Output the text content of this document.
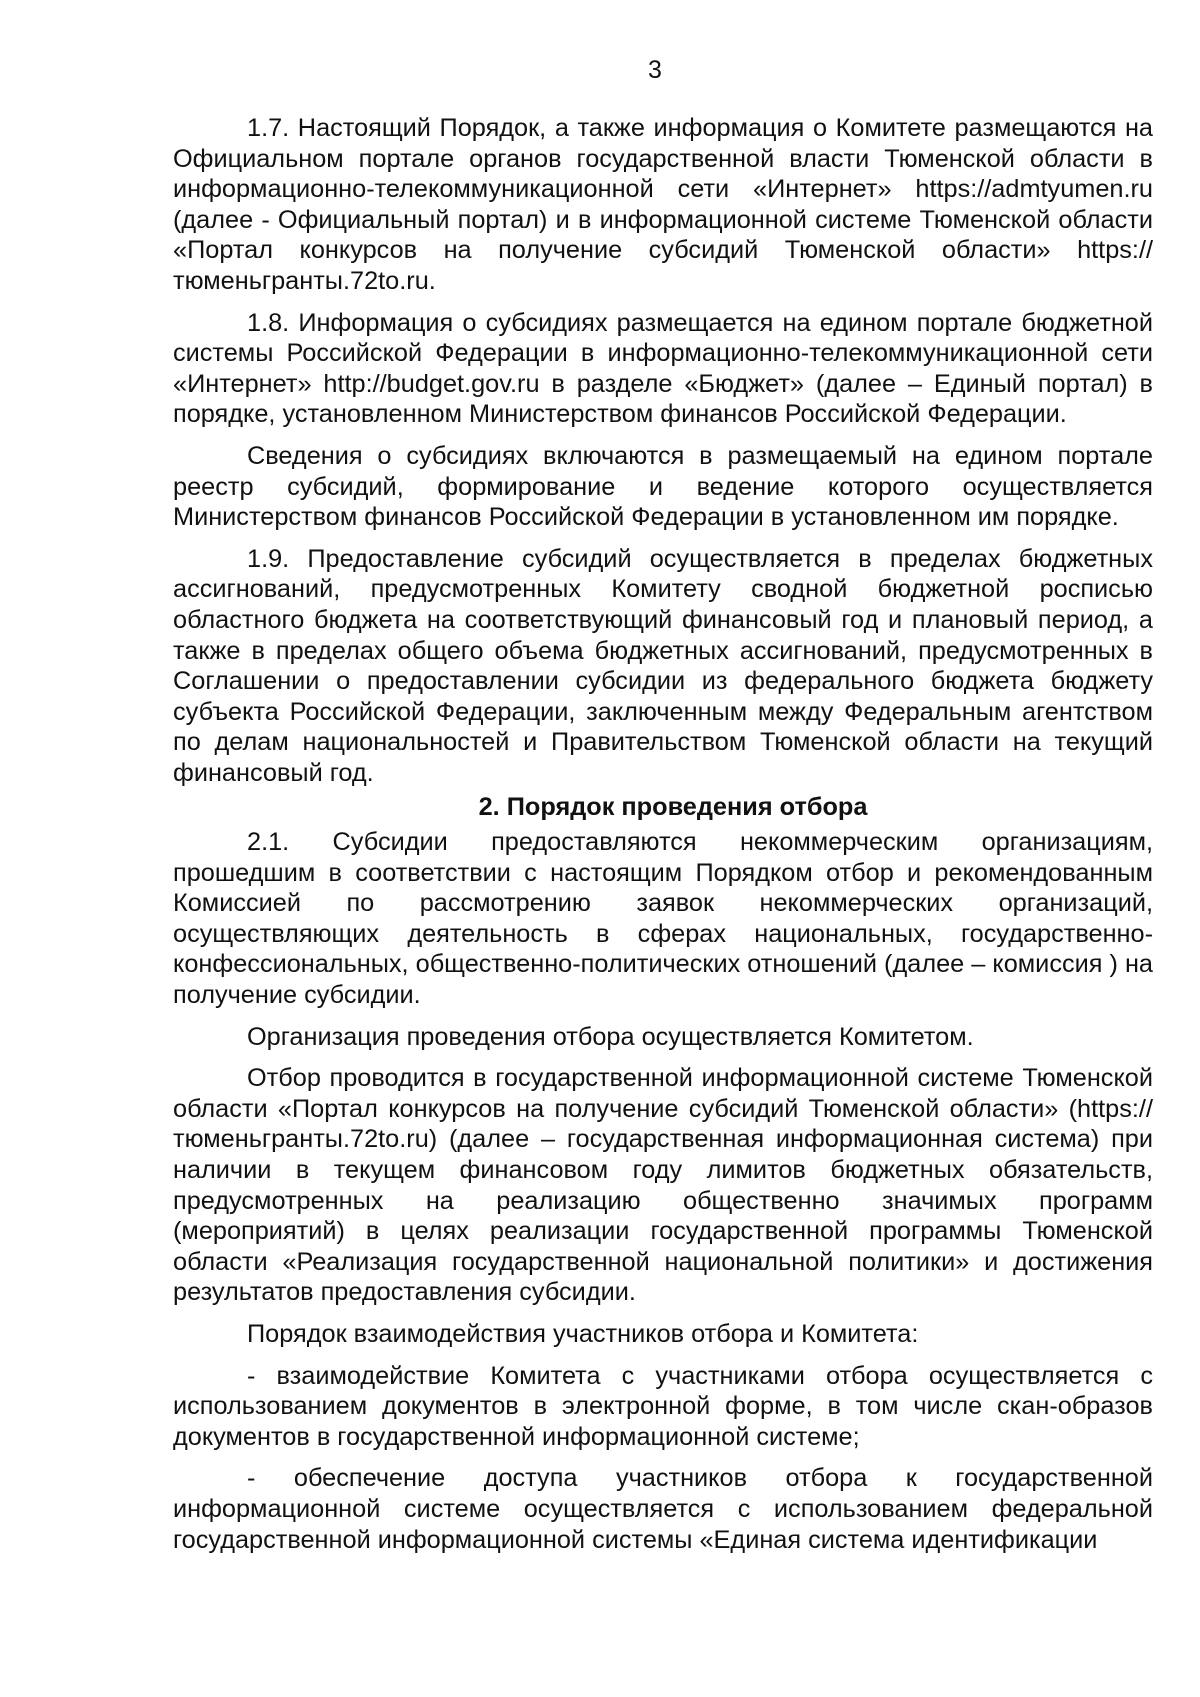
3

1.7. Настоящий Порядок, а также информация о Комитете размещаются на Официальном портале органов государственной власти Тюменской области в информационно-телекоммуникационной сети «Интернет» https://admtyumen.ru (далее - Официальный портал) и в информационной системе Тюменской области «Портал конкурсов на получение субсидий Тюменской области» https://тюменьгранты.72to.ru.

1.8. Информация о субсидиях размещается на едином портале бюджетной системы Российской Федерации в информационно-телекоммуникационной сети «Интернет» http://budget.gov.ru в разделе «Бюджет» (далее – Единый портал) в порядке, установленном Министерством финансов Российской Федерации.

Сведения о субсидиях включаются в размещаемый на едином портале реестр субсидий, формирование и ведение которого осуществляется Министерством финансов Российской Федерации в установленном им порядке.

1.9. Предоставление субсидий осуществляется в пределах бюджетных ассигнований, предусмотренных Комитету сводной бюджетной росписью областного бюджета на соответствующий финансовый год и плановый период, а также в пределах общего объема бюджетных ассигнований, предусмотренных в Соглашении о предоставлении субсидии из федерального бюджета бюджету субъекта Российской Федерации, заключенным между Федеральным агентством по делам национальностей и Правительством Тюменской области на текущий финансовый год.

2. Порядок проведения отбора

2.1. Субсидии предоставляются некоммерческим организациям, прошедшим в соответствии с настоящим Порядком отбор и рекомендованным Комиссией по рассмотрению заявок некоммерческих организаций, осуществляющих деятельность в сферах национальных, государственно-конфессиональных, общественно-политических отношений (далее – комиссия ) на получение субсидии.

Организация проведения отбора осуществляется Комитетом.

Отбор проводится в государственной информационной системе Тюменской области «Портал конкурсов на получение субсидий Тюменской области» (https://тюменьгранты.72to.ru) (далее – государственная информационная система) при наличии в текущем финансовом году лимитов бюджетных обязательств, предусмотренных на реализацию общественно значимых программ (мероприятий) в целях реализации государственной программы Тюменской области «Реализация государственной национальной политики» и достижения результатов предоставления субсидии.

Порядок взаимодействия участников отбора и Комитета:

- взаимодействие Комитета с участниками отбора осуществляется с использованием документов в электронной форме, в том числе скан-образов документов в государственной информационной системе;

- обеспечение доступа участников отбора к государственной информационной системе осуществляется с использованием федеральной государственной информационной системы «Единая система идентификации
